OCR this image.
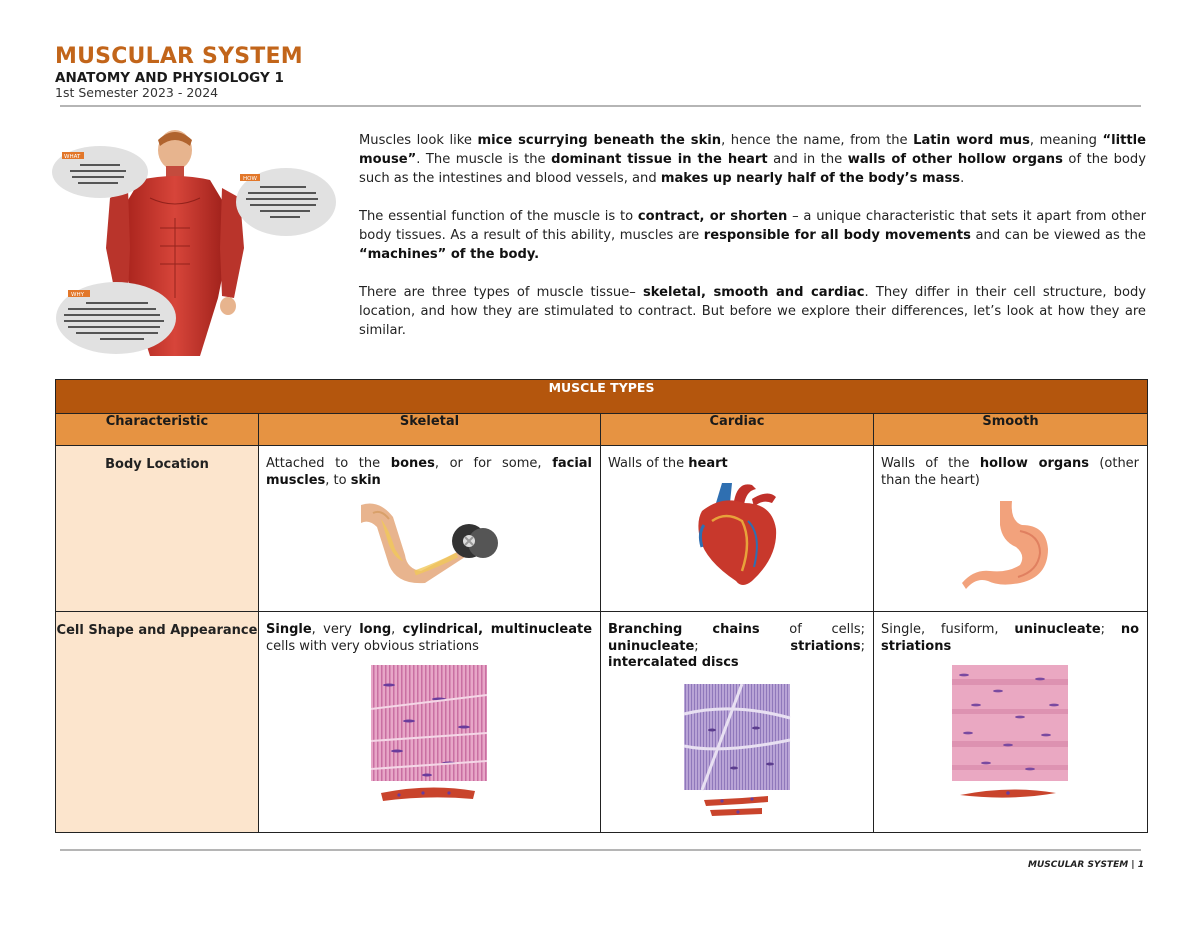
MUSCULAR SYSTEM
ANATOMY AND PHYSIOLOGY 1
1st Semester 2023 - 2024
WHAT
HOW
WHY

Muscles look like mice scurrying beneath the skin, hence the name, from the Latin word mus, meaning “little mouse”. The muscle is the dominant tissue in the heart and in the walls of other hollow organs of the body such as the intestines and blood vessels, and makes up nearly half of the body’s mass.

The essential function of the muscle is to contract, or shorten – a unique characteristic that sets it apart from other body tissues. As a result of this ability, muscles are responsible for all body movements and can be viewed as the “machines” of the body.

There are three types of muscle tissue– skeletal, smooth and cardiac. They differ in their cell structure, body location, and how they are stimulated to contract. But before we explore their differences, let’s look at how they are similar.

MUSCLE TYPES			
Characteristic	Skeletal	Cardiac	Smooth
Body Location	Attached to the bones, or for some, facial muscles, to skin	Walls of the heart	Walls of the hollow organs (other than the heart)

Cell Shape and Appearance	Single, very long, cylindrical, multinucleate cells with very obvious striations	Branching chains of cells; uninucleate; striations; intercalated discs	Single, fusiform, uninucleate; no striations
MUSCULAR SYSTEM | 1
